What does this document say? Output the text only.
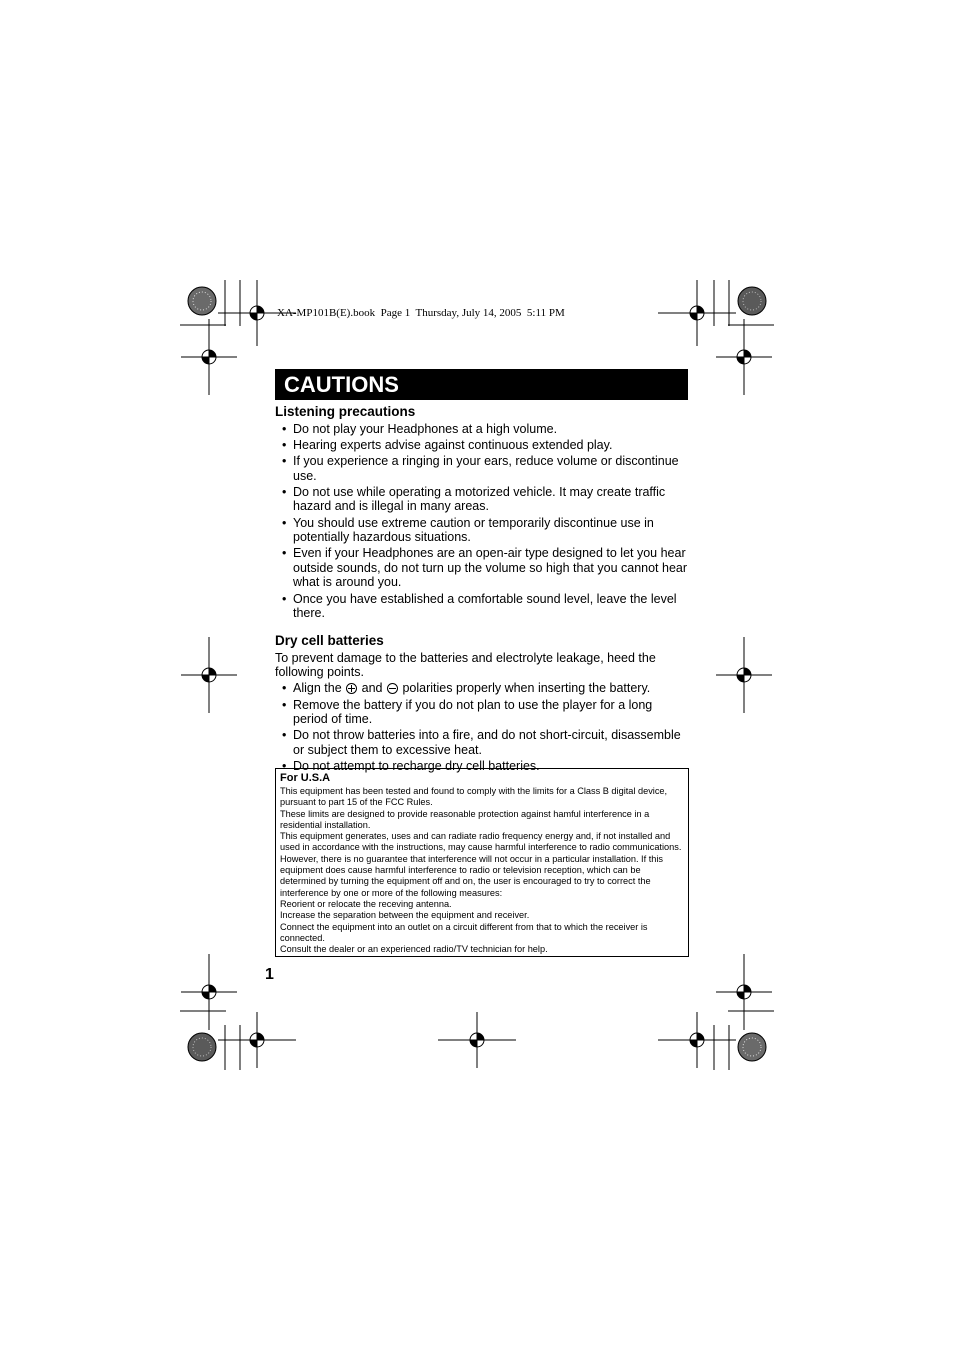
XA-MP101B(E).book  Page 1  Thursday, July 14, 2005  5:11 PM
CAUTIONS
Listening precautions
• Do not play your Headphones at a high volume.
• Hearing experts advise against continuous extended play.
• If you experience a ringing in your ears, reduce volume or discontinue use.
• Do not use while operating a motorized vehicle. It may create traffic hazard and is illegal in many areas.
• You should use extreme caution or temporarily discontinue use in potentially hazardous situations.
• Even if your Headphones are an open-air type designed to let you hear outside sounds, do not turn up the volume so high that you cannot hear what is around you.
• Once you have established a comfortable sound level, leave the level there.
Dry cell batteries

To prevent damage to the batteries and electrolyte leakage, heed the following points.

• Align the and polarities properly when inserting the battery.
• Remove the battery if you do not plan to use the player for a long period of time.
• Do not throw batteries into a fire, and do not short-circuit, disassemble or subject them to excessive heat.
• Do not attempt to recharge dry cell batteries.
For U.S.A

This equipment has been tested and found to comply with the limits for a Class B digital device, pursuant to part 15 of the FCC Rules.

These limits are designed to provide reasonable protection against hamful interference in a residential installation.

This equipment generates, uses and can radiate radio frequency energy and, if not installed and used in accordance with the instructions, may cause harmful interference to radio communications. However, there is no guarantee that interference will not occur in a particular installation. If this equipment does cause harmful interference to radio or television reception, which can be determined by turning the equipment off and on, the user is encouraged to try to correct the interference by one or more of the following measures:

Reorient or relocate the receving antenna.

Increase the separation between the equipment and receiver.

Connect the equipment into an outlet on a circuit different from that to which the receiver is connected.

Consult the dealer or an experienced radio/TV technician for help.

1
